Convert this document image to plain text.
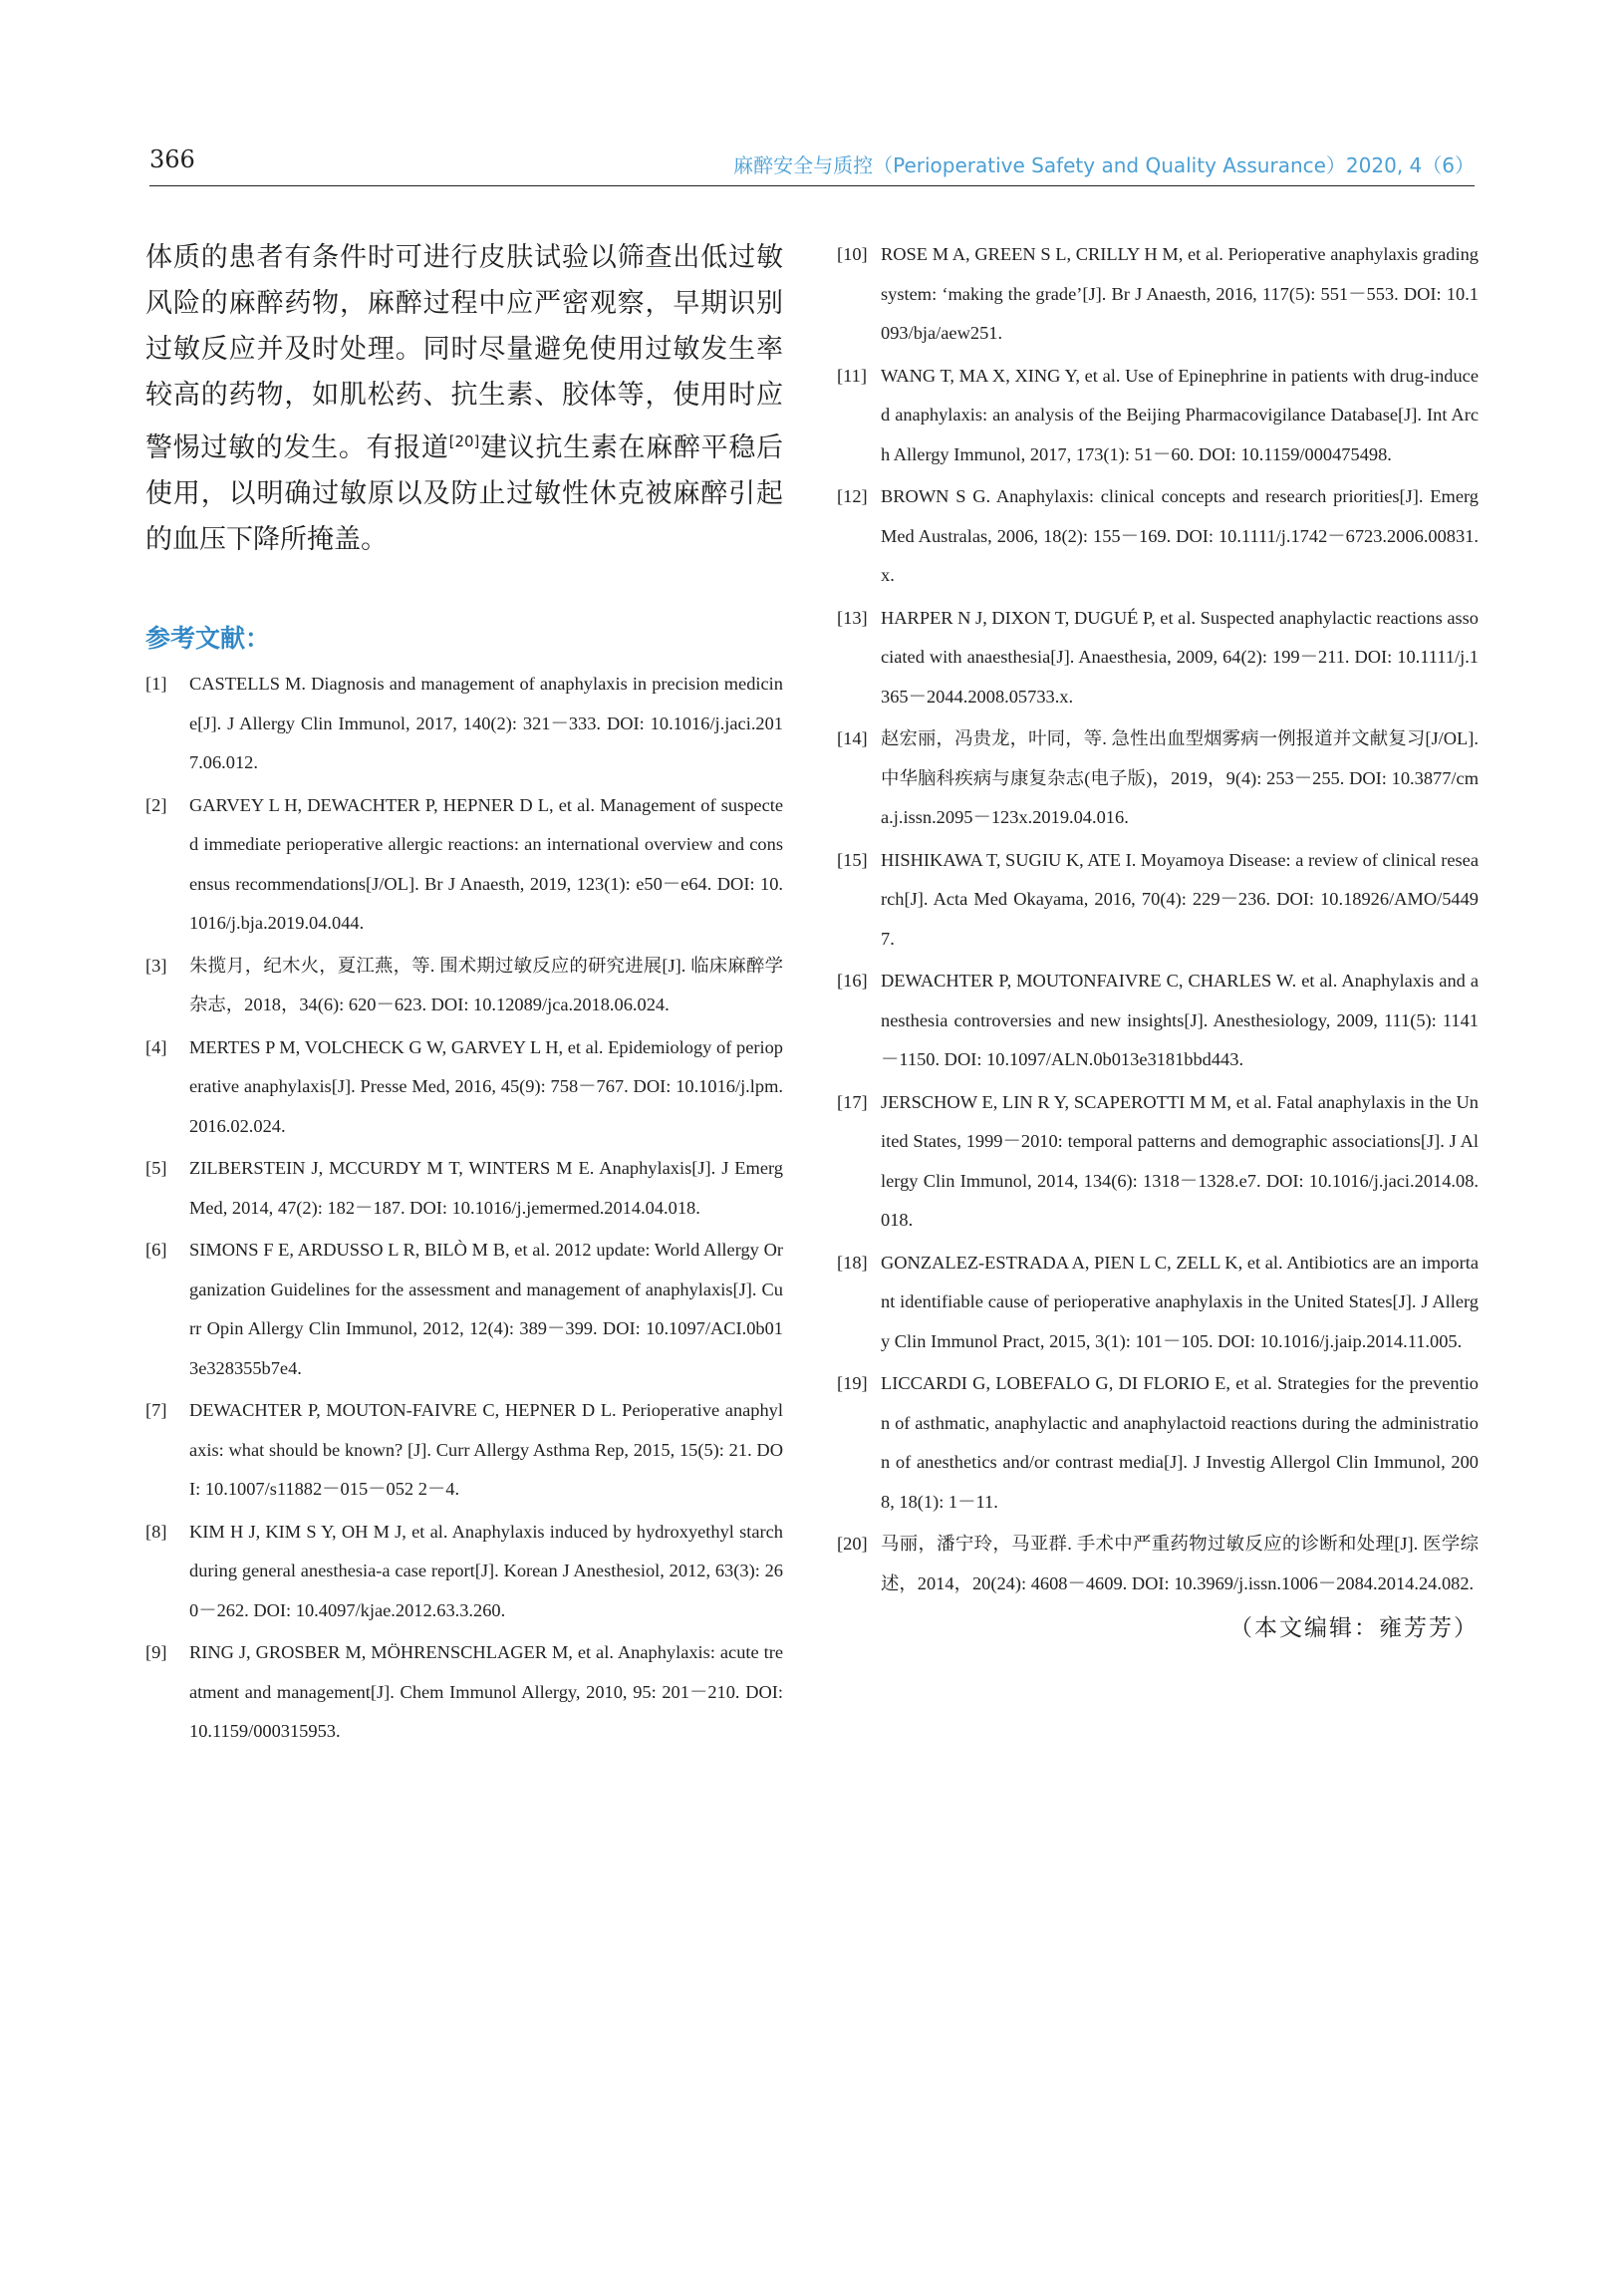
366	麻醉安全与质控（Perioperative Safety and Quality Assurance）2020, 4（6）

体质的患者有条件时可进行皮肤试验以筛查出低过敏风险的麻醉药物，麻醉过程中应严密观察，早期识别过敏反应并及时处理。同时尽量避免使用过敏发生率较高的药物，如肌松药、抗生素、胶体等，使用时应警惕过敏的发生。有报道[20]建议抗生素在麻醉平稳后使用，以明确过敏原以及防止过敏性休克被麻醉引起的血压下降所掩盖。

参考文献：
[1]	CASTELLS M. Diagnosis and management of anaphylaxis in precision medicine[J]. J Allergy Clin Immunol, 2017, 140(2): 321－333. DOI: 10.1016/j.jaci.2017.06.012.
[2]	GARVEY L H, DEWACHTER P, HEPNER D L, et al. Management of suspected immediate perioperative allergic reactions: an international overview and consensus recommendations[J/OL]. Br J Anaesth, 2019, 123(1): e50－e64. DOI: 10.1016/j.bja.2019.04.044.
[3]	朱揽月，纪木火，夏江燕，等. 围术期过敏反应的研究进展[J]. 临床麻醉学杂志，2018，34(6): 620－623. DOI: 10.12089/jca.2018.06.024.
[4]	MERTES P M, VOLCHECK G W, GARVEY L H, et al. Epidemiology of perioperative anaphylaxis[J]. Presse Med, 2016, 45(9): 758－767. DOI: 10.1016/j.lpm.2016.02.024.
[5]	ZILBERSTEIN J, MCCURDY M T, WINTERS M E. Anaphylaxis[J]. J Emerg Med, 2014, 47(2): 182－187. DOI: 10.1016/j.jemermed.2014.04.018.
[6]	SIMONS F E, ARDUSSO L R, BILÒ M B, et al. 2012 update: World Allergy Organization Guidelines for the assessment and management of anaphylaxis[J]. Curr Opin Allergy Clin Immunol, 2012, 12(4): 389－399. DOI: 10.1097/ACI.0b013e328355b7e4.
[7]	DEWACHTER P, MOUTON-FAIVRE C, HEPNER D L. Perioperative anaphylaxis: what should be known? [J]. Curr Allergy Asthma Rep, 2015, 15(5): 21. DOI: 10.1007/s11882－015－052 2－4.
[8]	KIM H J, KIM S Y, OH M J, et al. Anaphylaxis induced by hydroxyethyl starch during general anesthesia-a case report[J]. Korean J Anesthesiol, 2012, 63(3): 260－262. DOI: 10.4097/kjae.2012.63.3.260.
[9]	RING J, GROSBER M, MÖHRENSCHLAGER M, et al. Anaphylaxis: acute treatment and management[J]. Chem Immunol Allergy, 2010, 95: 201－210. DOI: 10.1159/000315953.
[10] ROSE M A, GREEN S L, CRILLY H M, et al. Perioperative anaphylaxis grading system: ‘making the grade’[J]. Br J Anaesth, 2016, 117(5): 551－553. DOI: 10.1093/bja/aew251.
[11] WANG T, MA X, XING Y, et al. Use of Epinephrine in patients with drug-induced anaphylaxis: an analysis of the Beijing Pharmacovigilance Database[J]. Int Arch Allergy Immunol, 2017, 173(1): 51－60. DOI: 10.1159/000475498.
[12] BROWN S G. Anaphylaxis: clinical concepts and research priorities[J]. Emerg Med Australas, 2006, 18(2): 155－169. DOI: 10.1111/j.1742－6723.2006.00831.x.
[13] HARPER N J, DIXON T, DUGUÉ P, et al. Suspected anaphylactic reactions associated with anaesthesia[J]. Anaesthesia, 2009, 64(2): 199－211. DOI: 10.1111/j.1365－2044.2008.05733.x.
[14] 赵宏丽，冯贵龙，叶同，等. 急性出血型烟雾病一例报道并文献复习[J/OL]. 中华脑科疾病与康复杂志(电子版)，2019，9(4): 253－255. DOI: 10.3877/cma.j.issn.2095－123x.2019.04.016.
[15] HISHIKAWA T, SUGIU K, ATE I. Moyamoya Disease: a review of clinical research[J]. Acta Med Okayama, 2016, 70(4): 229－236. DOI: 10.18926/AMO/54497.
[16] DEWACHTER P, MOUTONFAIVRE C, CHARLES W. et al. Anaphylaxis and anesthesia controversies and new insights[J]. Anesthesiology, 2009, 111(5): 1141－1150. DOI: 10.1097/ALN.0b013e3181bbd443.
[17] JERSCHOW E, LIN R Y, SCAPEROTTI M M, et al. Fatal anaphylaxis in the United States, 1999－2010: temporal patterns and demographic associations[J]. J Allergy Clin Immunol, 2014, 134(6): 1318－1328.e7. DOI: 10.1016/j.jaci.2014.08.018.
[18] GONZALEZ-ESTRADA A, PIEN L C, ZELL K, et al. Antibiotics are an important identifiable cause of perioperative anaphylaxis in the United States[J]. J Allergy Clin Immunol Pract, 2015, 3(1): 101－105. DOI: 10.1016/j.jaip.2014.11.005.
[19] LICCARDI G, LOBEFALO G, DI FLORIO E, et al. Strategies for the prevention of asthmatic, anaphylactic and anaphylactoid reactions during the administration of anesthetics and/or contrast media[J]. J Investig Allergol Clin Immunol, 2008, 18(1): 1－11.
[20] 马丽，潘宁玲，马亚群. 手术中严重药物过敏反应的诊断和处理[J]. 医学综述，2014，20(24): 4608－4609. DOI: 10.3969/j.issn.1006－2084.2014.24.082.
（本文编辑：雍芳芳）
